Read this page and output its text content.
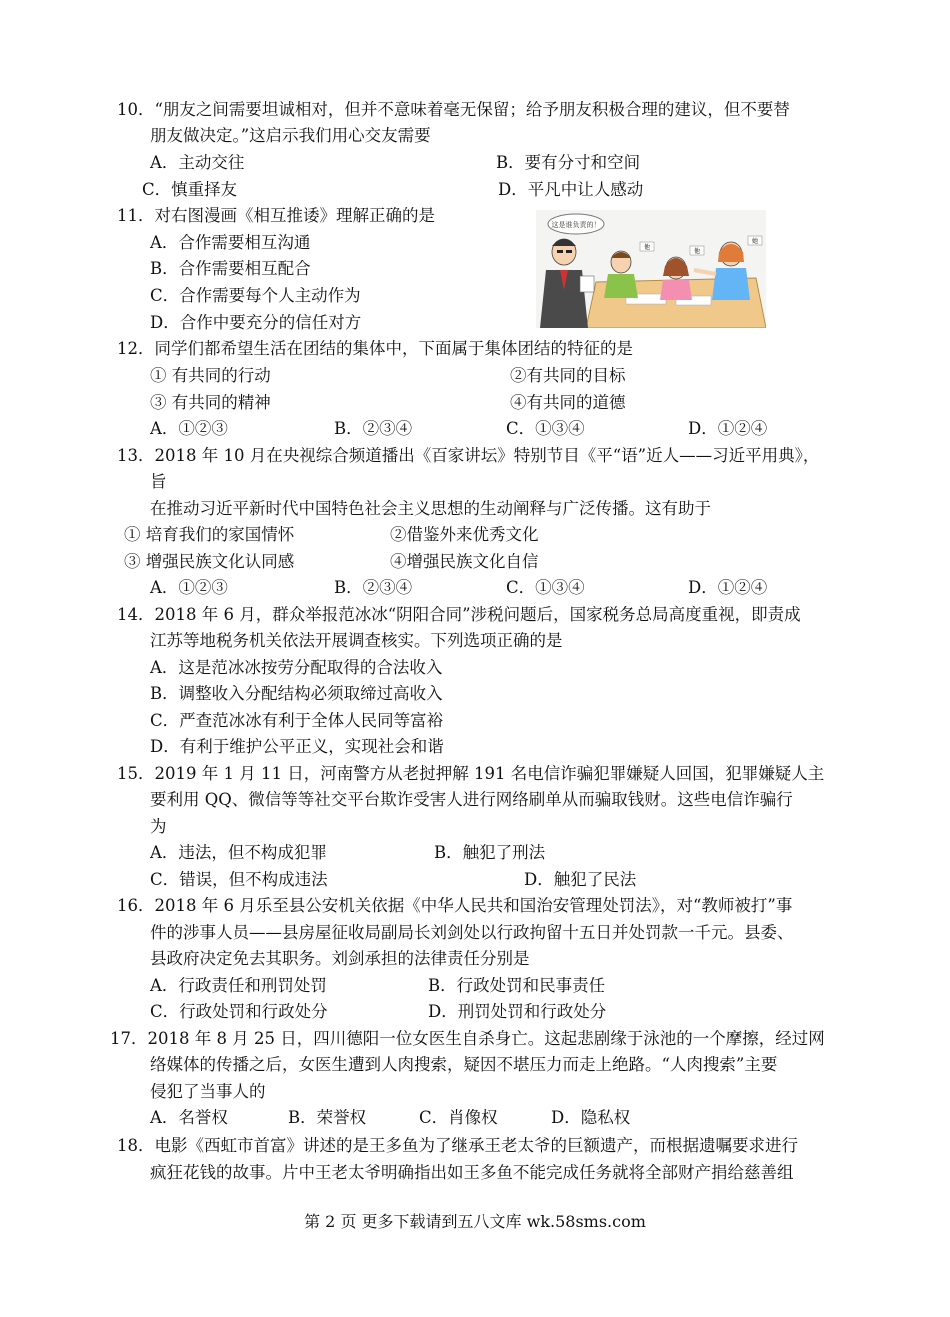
10．“朋友之间需要坦诚相对，但并不意味着毫无保留；给予朋友积极合理的建议，但不要替
朋友做决定。”这启示我们用心交友需要
A．主动交往	B．要有分寸和空间
C．慎重择友	D．平凡中让人感动
11．对右图漫画《相互推诿》理解正确的是
A．合作需要相互沟通
B．合作需要相互配合
C．合作需要每个人主动作为
D．合作中要充分的信任对方
这是谁负责的！
他
他
她
12．同学们都希望生活在团结的集体中，下面属于集体团结的特征的是
① 有共同的行动	②有共同的目标
③ 有共同的精神	④有共同的道德
A．①②③	B．②③④	C．①③④	D．①②④
13．2018 年 10 月在央视综合频道播出《百家讲坛》特别节目《平“语”近人——习近平用典》，
旨
在推动习近平新时代中国特色社会主义思想的生动阐释与广泛传播。这有助于
① 培育我们的家国情怀	②借鉴外来优秀文化
③ 增强民族文化认同感	④增强民族文化自信
A．①②③	B．②③④	C．①③④	D．①②④
14．2018 年 6 月，群众举报范冰冰“阴阳合同”涉税问题后，国家税务总局高度重视，即责成
江苏等地税务机关依法开展调查核实。下列选项正确的是
A．这是范冰冰按劳分配取得的合法收入
B．调整收入分配结构必须取缔过高收入
C．严查范冰冰有利于全体人民同等富裕
D．有利于维护公平正义，实现社会和谐
15．2019 年 1 月 11 日，河南警方从老挝押解 191 名电信诈骗犯罪嫌疑人回国，犯罪嫌疑人主
要利用 QQ、微信等等社交平台欺诈受害人进行网络刷单从而骗取钱财。这些电信诈骗行
为
A．违法，但不构成犯罪	B．触犯了刑法
C．错误，但不构成违法	D．触犯了民法
16．2018 年 6 月乐至县公安机关依据《中华人民共和国治安管理处罚法》，对“教师被打”事
件的涉事人员——县房屋征收局副局长刘剑处以行政拘留十五日并处罚款一千元。县委、
县政府决定免去其职务。刘剑承担的法律责任分别是
A．行政责任和刑罚处罚	B．行政处罚和民事责任
C．行政处罚和行政处分	D．刑罚处罚和行政处分
17．2018 年 8 月 25 日，四川德阳一位女医生自杀身亡。这起悲剧缘于泳池的一个摩擦，经过网
络媒体的传播之后，女医生遭到人肉搜索，疑因不堪压力而走上绝路。“人肉搜索”主要
侵犯了当事人的
A．名誉权	B．荣誉权	C．肖像权	D．隐私权
18．电影《西虹市首富》讲述的是王多鱼为了继承王老太爷的巨额遗产，而根据遗嘱要求进行
疯狂花钱的故事。片中王老太爷明确指出如王多鱼不能完成任务就将全部财产捐给慈善组
第 2 页 更多下载请到五八文库 wk.58sms.com
